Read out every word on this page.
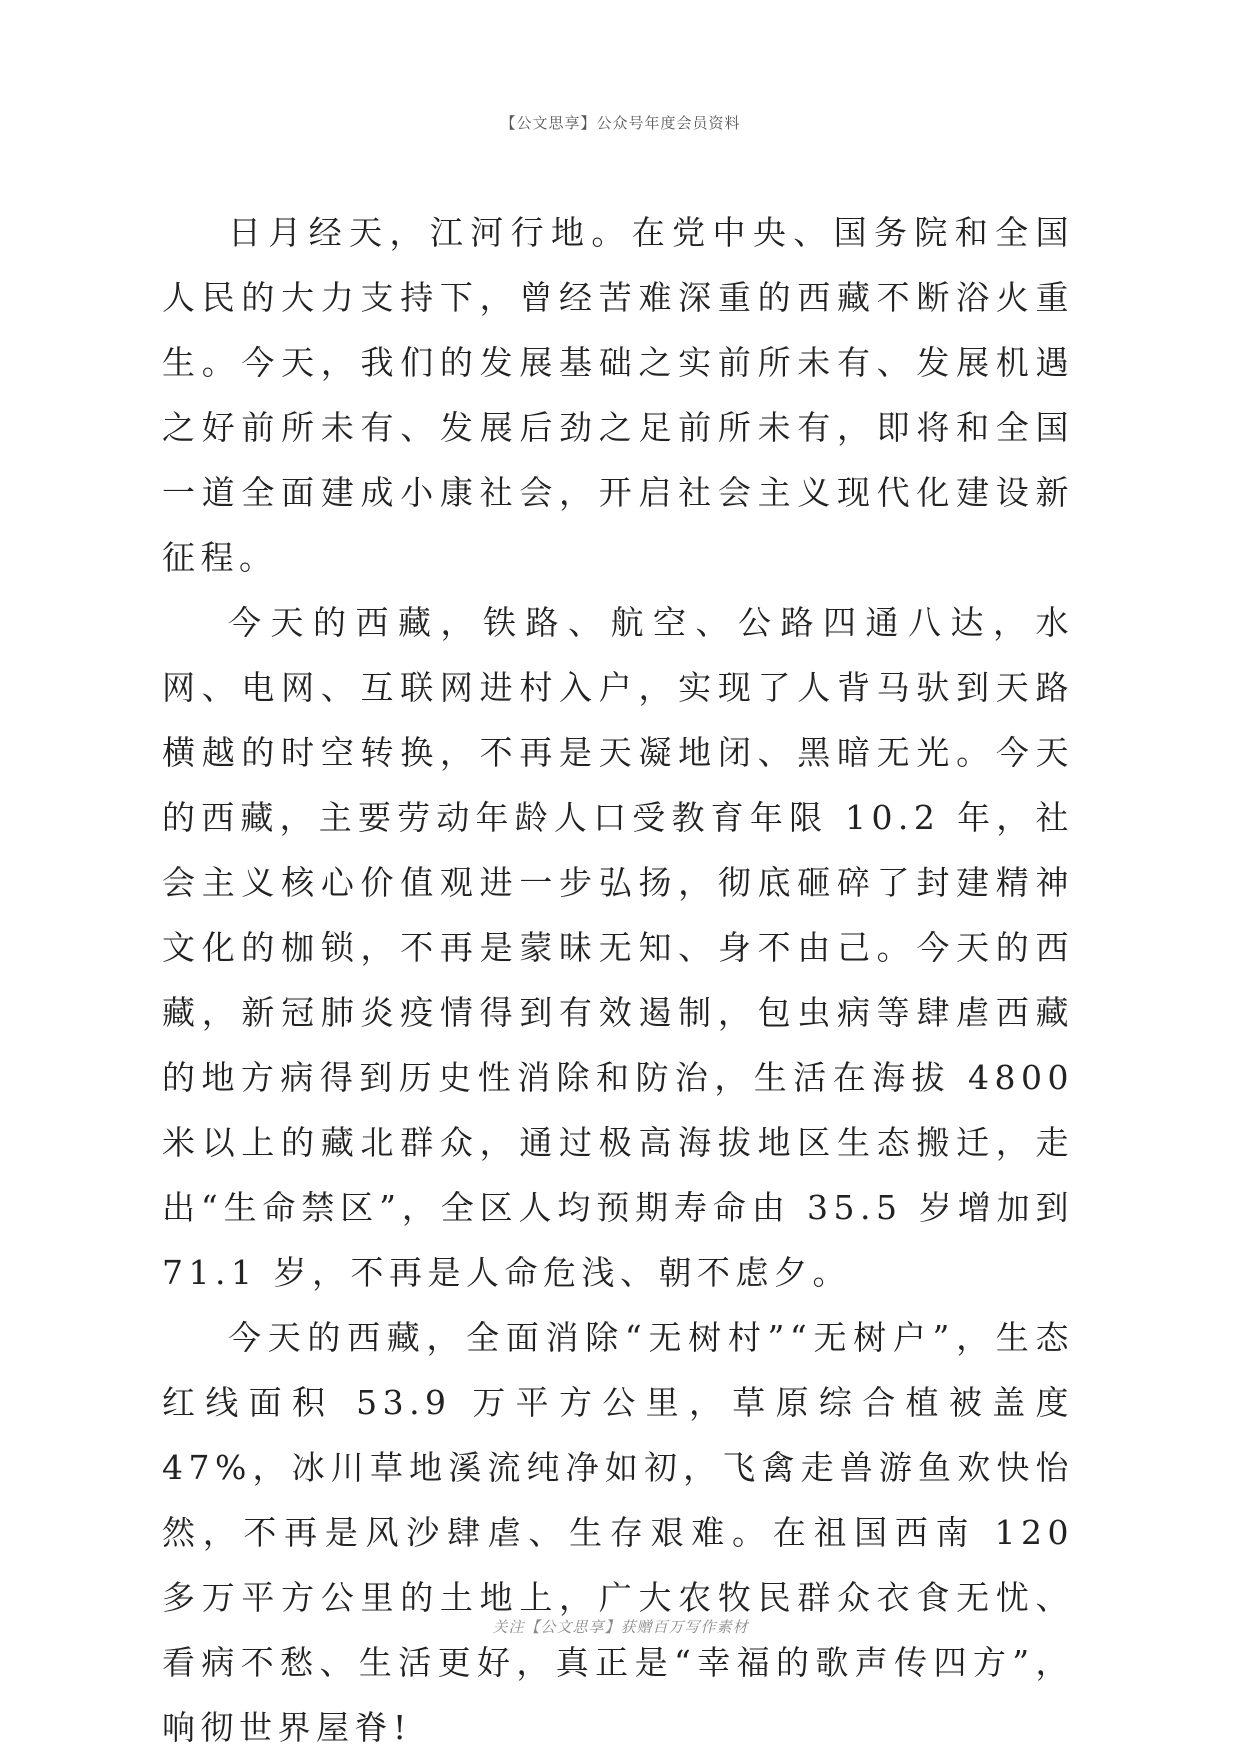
【公文思享】公众号年度会员资料

日月经天，江河行地。在党中央、国务院和全国人民的大力支持下，曾经苦难深重的西藏不断浴火重生。今天，我们的发展基础之实前所未有、发展机遇之好前所未有、发展后劲之足前所未有，即将和全国一道全面建成小康社会，开启社会主义现代化建设新征程。

今天的西藏，铁路、航空、公路四通八达，水网、电网、互联网进村入户，实现了人背马驮到天路横越的时空转换，不再是天凝地闭、黑暗无光。今天的西藏，主要劳动年龄人口受教育年限 10.2 年，社会主义核心价值观进一步弘扬，彻底砸碎了封建精神文化的枷锁，不再是蒙昧无知、身不由己。今天的西藏，新冠肺炎疫情得到有效遏制，包虫病等肆虐西藏的地方病得到历史性消除和防治，生活在海拔 4800 米以上的藏北群众，通过极高海拔地区生态搬迁，走出“生命禁区”，全区人均预期寿命由 35.5 岁增加到 71.1 岁，不再是人命危浅、朝不虑夕。

今天的西藏，全面消除“无树村”“无树户”，生态红线面积 53.9 万平方公里，草原综合植被盖度 47%，冰川草地溪流纯净如初，飞禽走兽游鱼欢快怡然，不再是风沙肆虐、生存艰难。在祖国西南 120 多万平方公里的土地上，广大农牧民群众衣食无忧、看病不愁、生活更好，真正是“幸福的歌声传四方”，响彻世界屋脊!

关注【公文思享】获赠百万写作素材
